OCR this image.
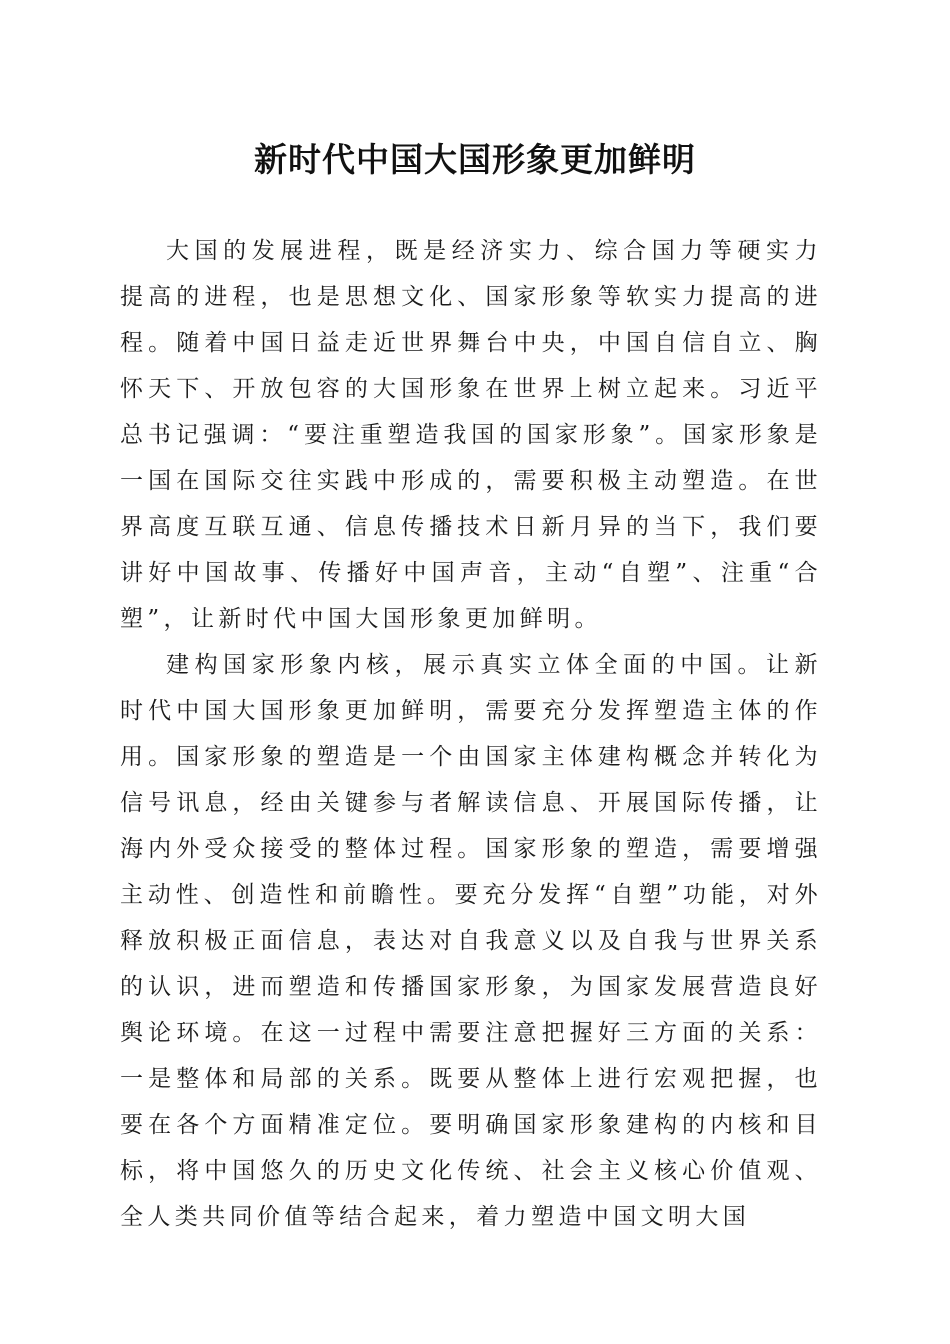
新时代中国大国形象更加鲜明

大国的发展进程，既是经济实力、综合国力等硬实力提高的进程，也是思想文化、国家形象等软实力提高的进程。随着中国日益走近世界舞台中央，中国自信自立、胸怀天下、开放包容的大国形象在世界上树立起来。习近平总书记强调：“要注重塑造我国的国家形象”。国家形象是一国在国际交往实践中形成的，需要积极主动塑造。在世界高度互联互通、信息传播技术日新月异的当下，我们要讲好中国故事、传播好中国声音，主动“自塑”、注重“合塑”，让新时代中国大国形象更加鲜明。

建构国家形象内核，展示真实立体全面的中国。让新时代中国大国形象更加鲜明，需要充分发挥塑造主体的作用。国家形象的塑造是一个由国家主体建构概念并转化为信号讯息，经由关键参与者解读信息、开展国际传播，让海内外受众接受的整体过程。国家形象的塑造，需要增强主动性、创造性和前瞻性。要充分发挥“自塑”功能，对外释放积极正面信息，表达对自我意义以及自我与世界关系的认识，进而塑造和传播国家形象，为国家发展营造良好舆论环境。在这一过程中需要注意把握好三方面的关系：一是整体和局部的关系。既要从整体上进行宏观把握，也要在各个方面精准定位。要明确国家形象建构的内核和目标，将中国悠久的历史文化传统、社会主义核心价值观、全人类共同价值等结合起来，着力塑造中国文明大国
